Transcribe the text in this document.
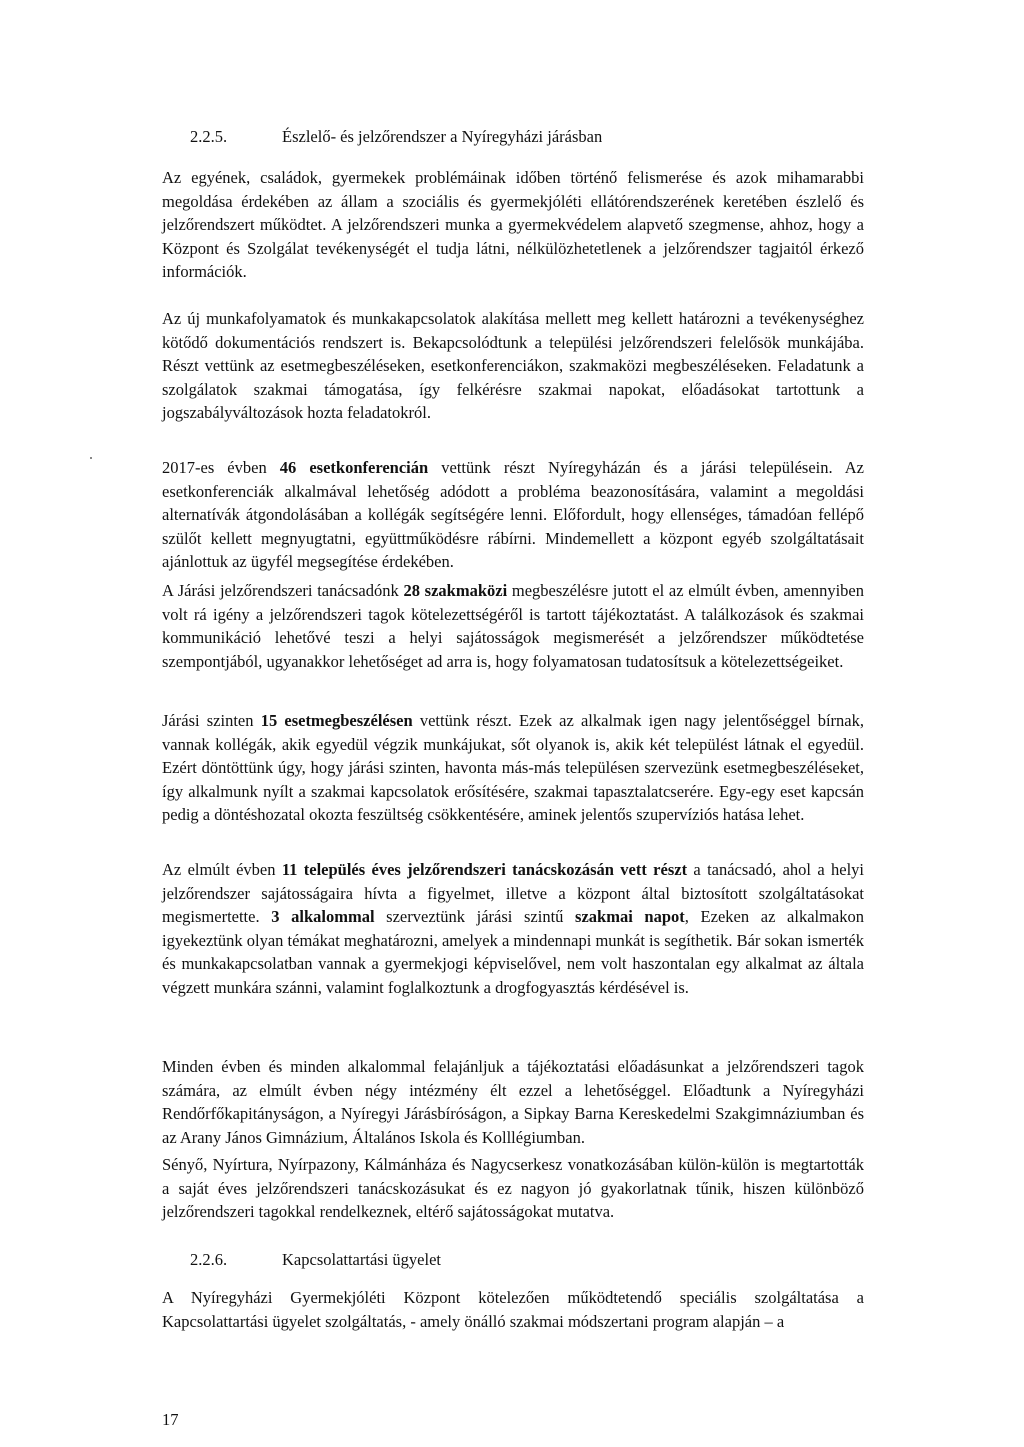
2.2.5.	Észlelő- és jelzőrendszer a Nyíregyházi járásban

Az egyének, családok, gyermekek problémáinak időben történő felismerése és azok mihamarabbi megoldása érdekében az állam a szociális és gyermekjóléti ellátórendszerének keretében észlelő és jelzőrendszert működtet. A jelzőrendszeri munka a gyermekvédelem alapvető szegmense, ahhoz, hogy a Központ és Szolgálat tevékenységét el tudja látni, nélkülözhetetlenek a jelzőrendszer tagjaitól érkező információk.

Az új munkafolyamatok és munkakapcsolatok alakítása mellett meg kellett határozni a tevékenységhez kötődő dokumentációs rendszert is. Bekapcsolódtunk a települési jelzőrendszeri felelősök munkájába. Részt vettünk az esetmegbeszéléseken, esetkonferenciákon, szakmaközi megbeszéléseken. Feladatunk a szolgálatok szakmai támogatása, így felkérésre szakmai napokat, előadásokat tartottunk a jogszabályváltozások hozta feladatokról.

2017-es évben 46 esetkonferencián vettünk részt Nyíregyházán és a járási településein. Az esetkonferenciák alkalmával lehetőség adódott a probléma beazonosítására, valamint a megoldási alternatívák átgondolásában a kollégák segítségére lenni. Előfordult, hogy ellenséges, támadóan fellépő szülőt kellett megnyugtatni, együttműködésre rábírni. Mindemellett a központ egyéb szolgáltatásait ajánlottuk az ügyfél megsegítése érdekében.

A Járási jelzőrendszeri tanácsadónk 28 szakmaközi megbeszélésre jutott el az elmúlt évben, amennyiben volt rá igény a jelzőrendszeri tagok kötelezettségéről is tartott tájékoztatást. A találkozások és szakmai kommunikáció lehetővé teszi a helyi sajátosságok megismerését a jelzőrendszer működtetése szempontjából, ugyanakkor lehetőséget ad arra is, hogy folyamatosan tudatosítsuk a kötelezettségeiket.

Járási szinten 15 esetmegbeszélésen vettünk részt. Ezek az alkalmak igen nagy jelentőséggel bírnak, vannak kollégák, akik egyedül végzik munkájukat, sőt olyanok is, akik két települést látnak el egyedül. Ezért döntöttünk úgy, hogy járási szinten, havonta más-más településen szervezünk esetmegbeszéléseket, így alkalmunk nyílt a szakmai kapcsolatok erősítésére, szakmai tapasztalatcserére. Egy-egy eset kapcsán pedig a döntéshozatal okozta feszültség csökkentésére, aminek jelentős szupervíziós hatása lehet.

Az elmúlt évben 11 település éves jelzőrendszeri tanácskozásán vett részt a tanácsadó, ahol a helyi jelzőrendszer sajátosságaira hívta a figyelmet, illetve a központ által biztosított szolgáltatásokat megismertette. 3 alkalommal szerveztünk járási szintű szakmai napot, Ezeken az alkalmakon igyekeztünk olyan témákat meghatározni, amelyek a mindennapi munkát is segíthetik. Bár sokan ismerték és munkakapcsolatban vannak a gyermekjogi képviselővel, nem volt haszontalan egy alkalmat az általa végzett munkára szánni, valamint foglalkoztunk a drogfogyasztás kérdésével is.

Minden évben és minden alkalommal felajánljuk a tájékoztatási előadásunkat a jelzőrendszeri tagok számára, az elmúlt évben négy intézmény élt ezzel a lehetőséggel. Előadtunk a Nyíregyházi Rendőrfőkapitányságon, a Nyíregyi Járásbíróságon, a Sipkay Barna Kereskedelmi Szakgimnáziumban és az Arany János Gimnázium, Általános Iskola és Kolllégiumban.

Sényő, Nyírtura, Nyírpazony, Kálmánháza és Nagycserkesz vonatkozásában külön-külön is megtartották a saját éves jelzőrendszeri tanácskozásukat és ez nagyon jó gyakorlatnak tűnik, hiszen különböző jelzőrendszeri tagokkal rendelkeznek, eltérő sajátosságokat mutatva.

2.2.6.	Kapcsolattartási ügyelet

A Nyíregyházi Gyermekjóléti Központ kötelezően működtetendő speciális szolgáltatása a Kapcsolattartási ügyelet szolgáltatás, - amely önálló szakmai módszertani program alapján – a

17
